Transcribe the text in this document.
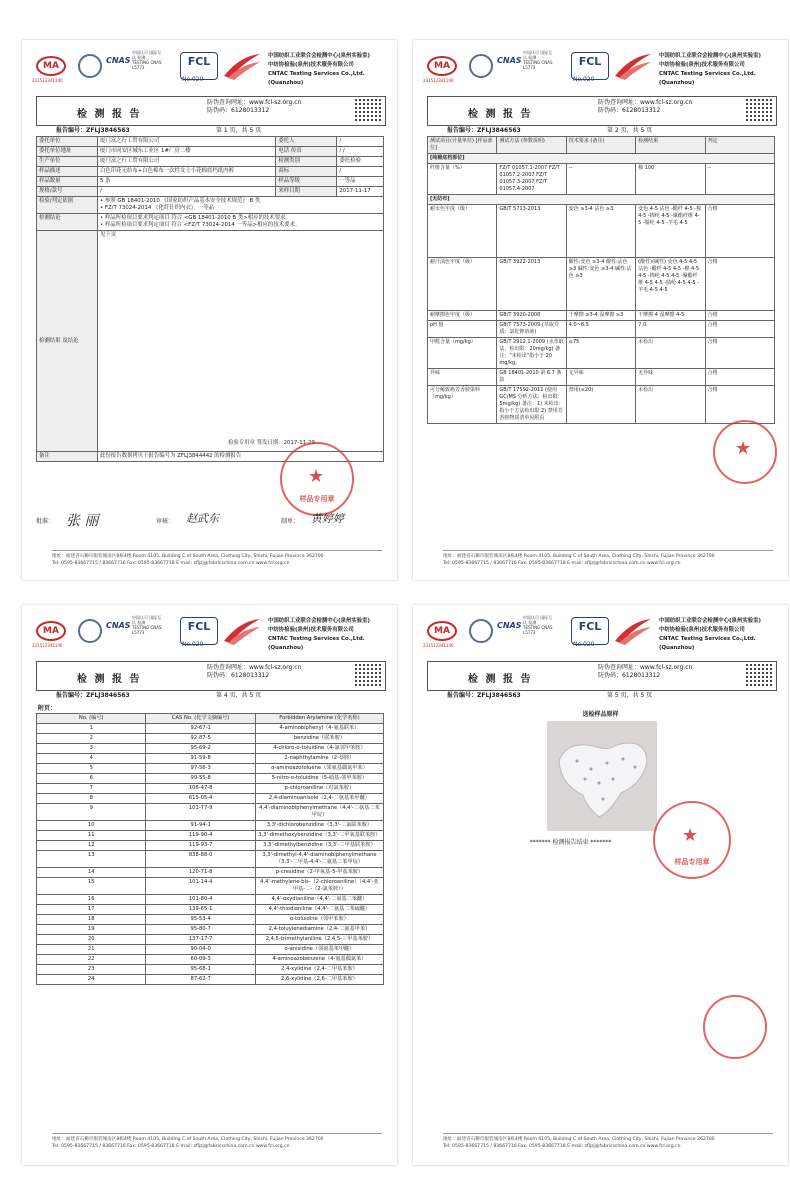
MA
231512341140
CNAS
中国认可 国际互认 检测 TESTING CNAS L5773	FCL
No.020
中国纺织工业联合会检测中心(泉州实验室)
中纺协检验(泉州)技术服务有限公司
CNTAC Testing Services Co.,Ltd.(Quanzhou)
检 测 报 告
防伪查询网址：www.fcl-sz.org.cn
防伪码：6128013312
报告编号：ZFLJ3846563	第 1 页，共 5 页
委托单位	厦门富之行工贸有限公司	委托人	/
委托单位地址	厦门市同安区城东工业区 1#厂房二楼	电话 传真	/ /
生产单位	厦门富之行工贸有限公司	检测类别	委托检验
样品描述	白色印花无纺布+白色棉布一次性女士小花棉底档纸内裤	商标	/
样品数量	5 条	样品等级	一等品
规格/款号	/	来样日期	2017-11-17
检验/判定依据	• 参照 GB 18401-2010 《国家纺织产品基本安全技术规范》 B 类
• FZ/T 73024-2014 《化纤针织内衣》 一等品		

检测结论	• 样品所检项目要求判定项目 符合 <GB 18401-2010 B 类>相应的技术要求。
• 样品所检项目要求判定项目 符合 <FZ/T 73024-2014 一等品>相应的技术要求。		

检测结果 及结论	见下页
检验专用章 签发日期：2017-11-29		

备注	此份报告数据拷贝于报告编号为 ZFLJ3844442 的检测报告		
★
样品专用章
批准： 张 丽	审核： 赵武东	制单： 黄婷婷
地址：福建省石狮市服装城南区8栋4楼 Room 4105, Building C of South Area, Clothing City, Shishi, Fujian Province 362700
Tel: 0595-83667715 / 83667716 Fax: 0595-83667718 E-mail: zfljzj@fabricschina.com.cn www.fcl.org.cn
MA
231512341140
CNAS
中国认可 国际互认 检测 TESTING CNAS L5773	FCL
No.020
中国纺织工业联合会检测中心(泉州实验室)
中纺协检验(泉州)技术服务有限公司
CNTAC Testing Services Co.,Ltd.(Quanzhou)
检 测 报 告
防伪查询网址：www.fcl-sz.org.cn
防伪码：6128013312
报告编号：ZFLJ3846563	第 2 页，共 5 页
测试项目(计量单位) [样品部位]	测试方法 (参数说明)	技术要求 (备注)	检测结果	判定
[纯棉底档部位]				
纤维含量（%）	FZ/T 01057.1-2007 FZ/T 01057.2-2007 FZ/T 01057.3-2007 FZ/T 01057.4-2007	--	棉 100	--
[无纺布]				
耐水色牢度（级）	GB/T 5713-2013	变色 ≥3-4 沾色 ≥3	变色 4-5 沾色 -醋纤 4-5 -棉 4-5 -锦纶 4-5 -聚酯纤维 4-5 -腈纶 4-5 -羊毛 4-5	合格
耐汗渍色牢度（级）	GB/T 3922-2013	酸性:变色 ≥3-4 酸性:沾色 ≥3 碱性:变色 ≥3-4 碱性:沾色 ≥3	(酸性)(碱性) 变色 4-5 4-5 沾色 -醋纤 4-5 4-5 -棉 4-5 4-5 -锦纶 4-5 4-5 -聚酯纤维 4-5 4-5 -腈纶 4-5 4-5 -羊毛 4-5 4-5	合格
耐摩擦色牢度（级）	GB/T 3920-2008	干摩擦 ≥3-4 湿摩擦 ≥3	干摩擦 4 湿摩擦 4-5	合格
pH 值	GB/T 7573-2009 (萃取介质：氯化钾溶液)	4.0~8.5	7.0	合格
甲醛含量（mg/kg）	GB/T 2912.1-2009 (水萃取法，检出限：20mg/kg) 备注："未检出"指小于 20 mg/kg。	≤75	未检出	合格
异味	GB 18401-2010 第 6.7 条款	无异味	无异味	合格
可分解致癌芳香胺染料（mg/kg）	GB/T 17592-2011 (使用 GC/MS 分析方法；检出限：5mg/kg) 备注：1) 未检出：指小于方法检出限 2) 禁用芳香胺物质清单见附页	禁用(≤20)	未检出	合格
★
地址：福建省石狮市服装城南区8栋4楼 Room 4105, Building C of South Area, Clothing City, Shishi, Fujian Province 362700
Tel: 0595-83667715 / 83667716 Fax: 0595-83667718 E-mail: zfljzj@fabricschina.com.cn www.fcl.org.cn
MA
231512341140
CNAS
中国认可 国际互认 检测 TESTING CNAS L5773	FCL
No.020
中国纺织工业联合会检测中心(泉州实验室)
中纺协检验(泉州)技术服务有限公司
CNTAC Testing Services Co.,Ltd.(Quanzhou)
检 测 报 告
防伪查询网址：www.fcl-sz.org.cn
防伪码：6128013312
报告编号：ZFLJ3846563	第 4 页，共 5 页
附页：
No. (编号)	CAS No. (化学文摘编号)	Forbidden Arylamine (化学名称)
1	92-67-1	4-aminobiphenyl（4-氨基联苯）
2	92-87-5	benzidine（联苯胺）
3	95-69-2	4-chloro-o-toluidine（4-氯邻甲苯胺）
4	91-59-8	2-naphthylamine（2-萘胺）
5	97-56-3	o-aminoazotoluene（邻氨基偶氮甲苯）
6	99-55-8	5-nitro-o-toluidine（5-硝基-邻甲苯胺）
7	106-47-8	p-chloroaniline（对氯苯胺）
8	615-05-4	2,4-diaminoanisole（2,4-二氨基苯甲醚）
9	101-77-9	4,4'-diaminobiphenylmethane（4,4'-二氨基二苯甲烷）
10	91-94-1	3,3'-dichlorobenzidine（3,3'-二氯联苯胺）
11	119-90-4	3,3'-dimethoxybenzidine（3,3'-二甲氧基联苯胺）
12	119-93-7	3,3'-dimethylbenzidine（3,3'-二甲基联苯胺）
13	838-88-0	3,3'-dimethyl-4,4'-diaminobiphenylmethane（3,3'-二甲基-4,4'-二氨基二苯甲烷）
14	120-71-8	p-cresidine（2-甲氧基-5-甲基苯胺）
15	101-14-4	4,4'-methylene-bis-（2-chloroaniline）（4,4'-亚甲基-二-（2-氯苯胺））
16	101-80-4	4,4'-oxydianiline（4,4'-二氨基二苯醚）
17	139-65-1	4,4'-thiodianiline（4,4'-二氨基二苯硫醚）
18	95-53-4	o-toluidine（邻甲苯胺）
19	95-80-7	2,4-toluylenediamine（2,4-二氨基甲苯）
20	137-17-7	2,4,5-trimethylaniline（2,4,5-三甲基苯胺）
21	90-04-0	o-anisidine（邻氨基苯甲醚）
22	60-09-3	4-aminoazobenzene（4-氨基偶氮苯）
23	95-68-1	2,4-xylidine（2,4-二甲基苯胺）
24	87-62-7	2,6-xylidine（2,6-二甲基苯胺）
地址：福建省石狮市服装城南区8栋4楼 Room 4105, Building C of South Area, Clothing City, Shishi, Fujian Province 362700
Tel: 0595-83667715 / 83667716 Fax: 0595-83667718 E-mail: zfljzj@fabricschina.com.cn www.fcl.org.cn
MA
231512341140
CNAS
中国认可 国际互认 检测 TESTING CNAS L5773	FCL
No.020
中国纺织工业联合会检测中心(泉州实验室)
中纺协检验(泉州)技术服务有限公司
CNTAC Testing Services Co.,Ltd.(Quanzhou)
检 测 报 告
防伪查询网址：www.fcl-sz.org.cn
防伪码：6128013312
报告编号：ZFLJ3846563	第 5 页，共 5 页
送检样品原样
******* 检测报告结束 *******	★
样品专用章
地址：福建省石狮市服装城南区8栋4楼 Room 4105, Building C of South Area, Clothing City, Shishi, Fujian Province 362700
Tel: 0595-83667715 / 83667716 Fax: 0595-83667718 E-mail: zfljzj@fabricschina.com.cn www.fcl.org.cn
